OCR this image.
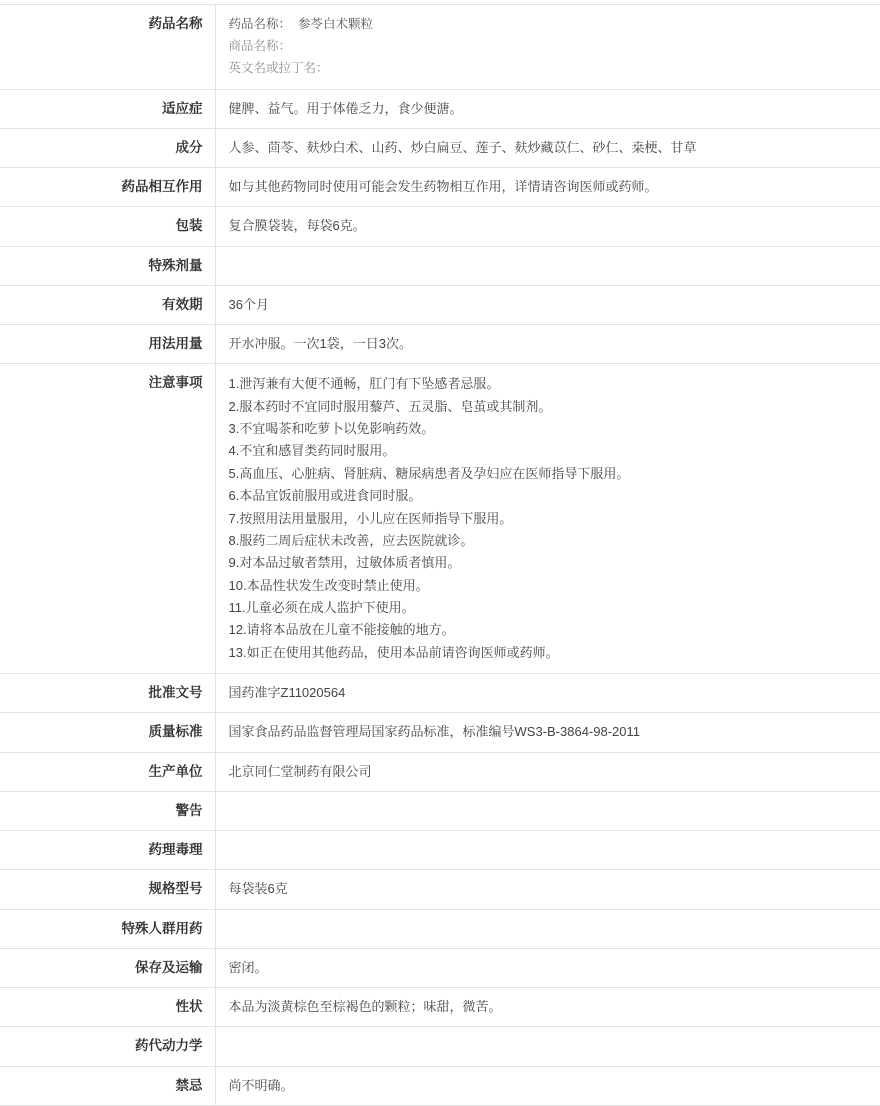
药品名称	药品名称：  参苓白术颗粒
商品名称：
英文名或拉丁名：

适应症	健脾、益气。用于体倦乏力，食少便溏。

成分	人参、茴苓、麸炒白术、山药、炒白扁豆、莲子、麸炒藏苡仁、砂仁、桒梗、甘草

药品相互作用	如与其他药物同时使用可能会发生药物相互作用，详情请咨询医师或药师。

包装	复合膜袋装，每袋6克。

特殊剂量	

有效期	36个月

用法用量	开水冲服。一次1袋，一日3次。

注意事项	1.泄泻兼有大便不通畅，肛门有下坠感者忌服。
2.服本药时不宜同时服用藜芦、五灵脂、皂茧或其制剂。
3.不宜喝茶和吃萝卜以免影响药效。
4.不宜和感冒类药同时服用。
5.高血压、心脏病、肾脏病、糖尿病患者及孕妇应在医师指导下服用。
6.本品宜饭前服用或进食同时服。
7.按照用法用量服用，小儿应在医师指导下服用。
8.服药二周后症状未改善，应去医院就诊。
9.对本品过敏者禁用，过敏体质者慎用。
10.本品性状发生改变时禁止使用。
11.儿童必须在成人监护下使用。
12.请将本品放在儿童不能接触的地方。
13.如正在使用其他药品，使用本品前请咨询医师或药师。

批准文号	国药准字Z11020564

质量标准	国家食品药品监督管理局国家药品标准，标准编号WS3-B-3864-98-2011

生产单位	北京同仁堂制药有限公司

警告	

药理毒理	

规格型号	每袋装6克

特殊人群用药	

保存及运输	密闭。

性状	本品为淡黄棕色至棕褐色的颗粒；味甜，微苦。

药代动力学	

禁忌	尚不明确。
